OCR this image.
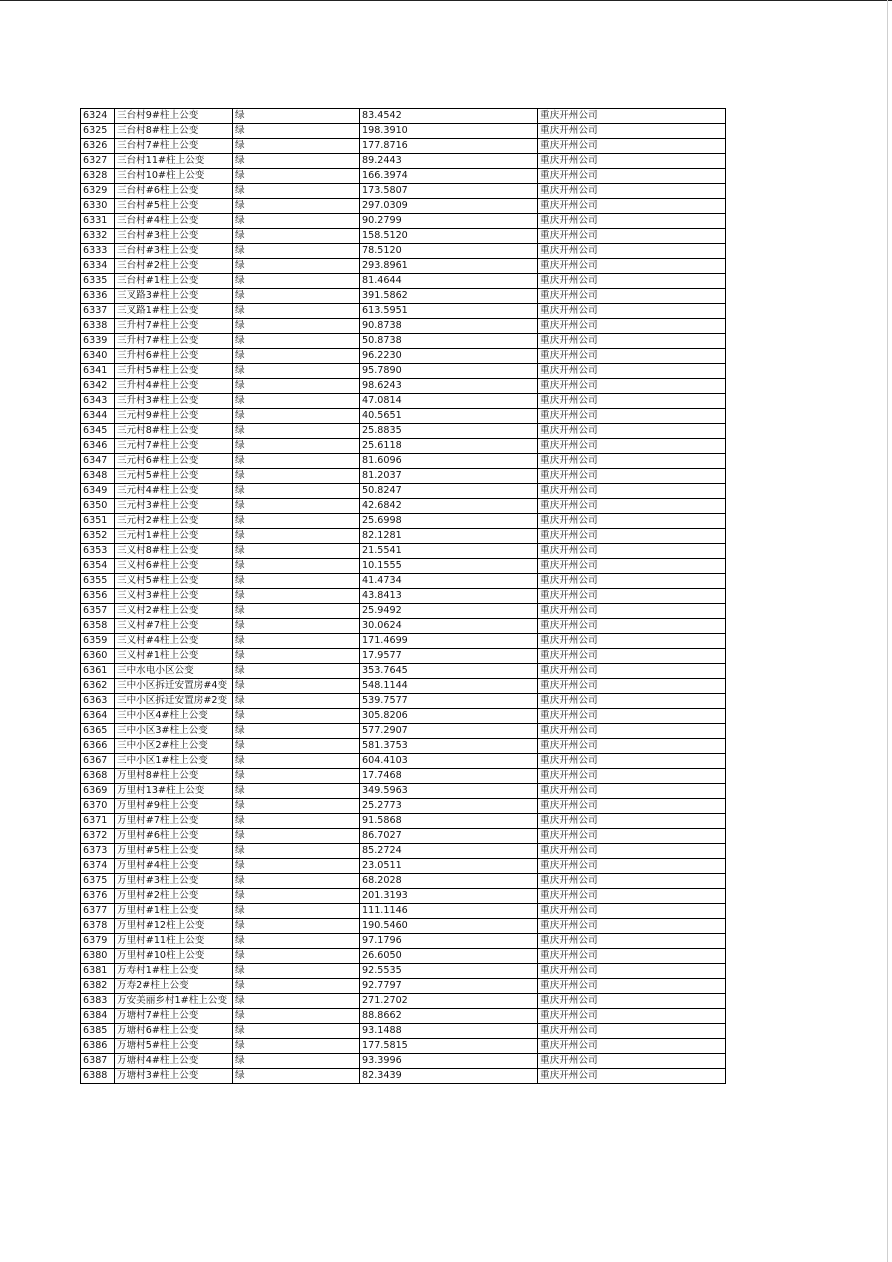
6324	三台村9#柱上公变	绿	83.4542	重庆开州公司
6325	三台村8#柱上公变	绿	198.3910	重庆开州公司
6326	三台村7#柱上公变	绿	177.8716	重庆开州公司
6327	三台村11#柱上公变	绿	89.2443	重庆开州公司
6328	三台村10#柱上公变	绿	166.3974	重庆开州公司
6329	三台村#6柱上公变	绿	173.5807	重庆开州公司
6330	三台村#5柱上公变	绿	297.0309	重庆开州公司
6331	三台村#4柱上公变	绿	90.2799	重庆开州公司
6332	三台村#3柱上公变	绿	158.5120	重庆开州公司
6333	三台村#3柱上公变	绿	78.5120	重庆开州公司
6334	三台村#2柱上公变	绿	293.8961	重庆开州公司
6335	三台村#1柱上公变	绿	81.4644	重庆开州公司
6336	三叉路3#柱上公变	绿	391.5862	重庆开州公司
6337	三叉路1#柱上公变	绿	613.5951	重庆开州公司
6338	三升村7#柱上公变	绿	90.8738	重庆开州公司
6339	三升村7#柱上公变	绿	50.8738	重庆开州公司
6340	三升村6#柱上公变	绿	96.2230	重庆开州公司
6341	三升村5#柱上公变	绿	95.7890	重庆开州公司
6342	三升村4#柱上公变	绿	98.6243	重庆开州公司
6343	三升村3#柱上公变	绿	47.0814	重庆开州公司
6344	三元村9#柱上公变	绿	40.5651	重庆开州公司
6345	三元村8#柱上公变	绿	25.8835	重庆开州公司
6346	三元村7#柱上公变	绿	25.6118	重庆开州公司
6347	三元村6#柱上公变	绿	81.6096	重庆开州公司
6348	三元村5#柱上公变	绿	81.2037	重庆开州公司
6349	三元村4#柱上公变	绿	50.8247	重庆开州公司
6350	三元村3#柱上公变	绿	42.6842	重庆开州公司
6351	三元村2#柱上公变	绿	25.6998	重庆开州公司
6352	三元村1#柱上公变	绿	82.1281	重庆开州公司
6353	三义村8#柱上公变	绿	21.5541	重庆开州公司
6354	三义村6#柱上公变	绿	10.1555	重庆开州公司
6355	三义村5#柱上公变	绿	41.4734	重庆开州公司
6356	三义村3#柱上公变	绿	43.8413	重庆开州公司
6357	三义村2#柱上公变	绿	25.9492	重庆开州公司
6358	三义村#7柱上公变	绿	30.0624	重庆开州公司
6359	三义村#4柱上公变	绿	171.4699	重庆开州公司
6360	三义村#1柱上公变	绿	17.9577	重庆开州公司
6361	三中水电小区公变	绿	353.7645	重庆开州公司
6362	三中小区拆迁安置房#4变	绿	548.1144	重庆开州公司
6363	三中小区拆迁安置房#2变	绿	539.7577	重庆开州公司
6364	三中小区4#柱上公变	绿	305.8206	重庆开州公司
6365	三中小区3#柱上公变	绿	577.2907	重庆开州公司
6366	三中小区2#柱上公变	绿	581.3753	重庆开州公司
6367	三中小区1#柱上公变	绿	604.4103	重庆开州公司
6368	万里村8#柱上公变	绿	17.7468	重庆开州公司
6369	万里村13#柱上公变	绿	349.5963	重庆开州公司
6370	万里村#9柱上公变	绿	25.2773	重庆开州公司
6371	万里村#7柱上公变	绿	91.5868	重庆开州公司
6372	万里村#6柱上公变	绿	86.7027	重庆开州公司
6373	万里村#5柱上公变	绿	85.2724	重庆开州公司
6374	万里村#4柱上公变	绿	23.0511	重庆开州公司
6375	万里村#3柱上公变	绿	68.2028	重庆开州公司
6376	万里村#2柱上公变	绿	201.3193	重庆开州公司
6377	万里村#1柱上公变	绿	111.1146	重庆开州公司
6378	万里村#12柱上公变	绿	190.5460	重庆开州公司
6379	万里村#11柱上公变	绿	97.1796	重庆开州公司
6380	万里村#10柱上公变	绿	26.6050	重庆开州公司
6381	万寿村1#柱上公变	绿	92.5535	重庆开州公司
6382	万寿2#柱上公变	绿	92.7797	重庆开州公司
6383	万安美丽乡村1#柱上公变	绿	271.2702	重庆开州公司
6384	万塘村7#柱上公变	绿	88.8662	重庆开州公司
6385	万塘村6#柱上公变	绿	93.1488	重庆开州公司
6386	万塘村5#柱上公变	绿	177.5815	重庆开州公司
6387	万塘村4#柱上公变	绿	93.3996	重庆开州公司
6388	万塘村3#柱上公变	绿	82.3439	重庆开州公司
